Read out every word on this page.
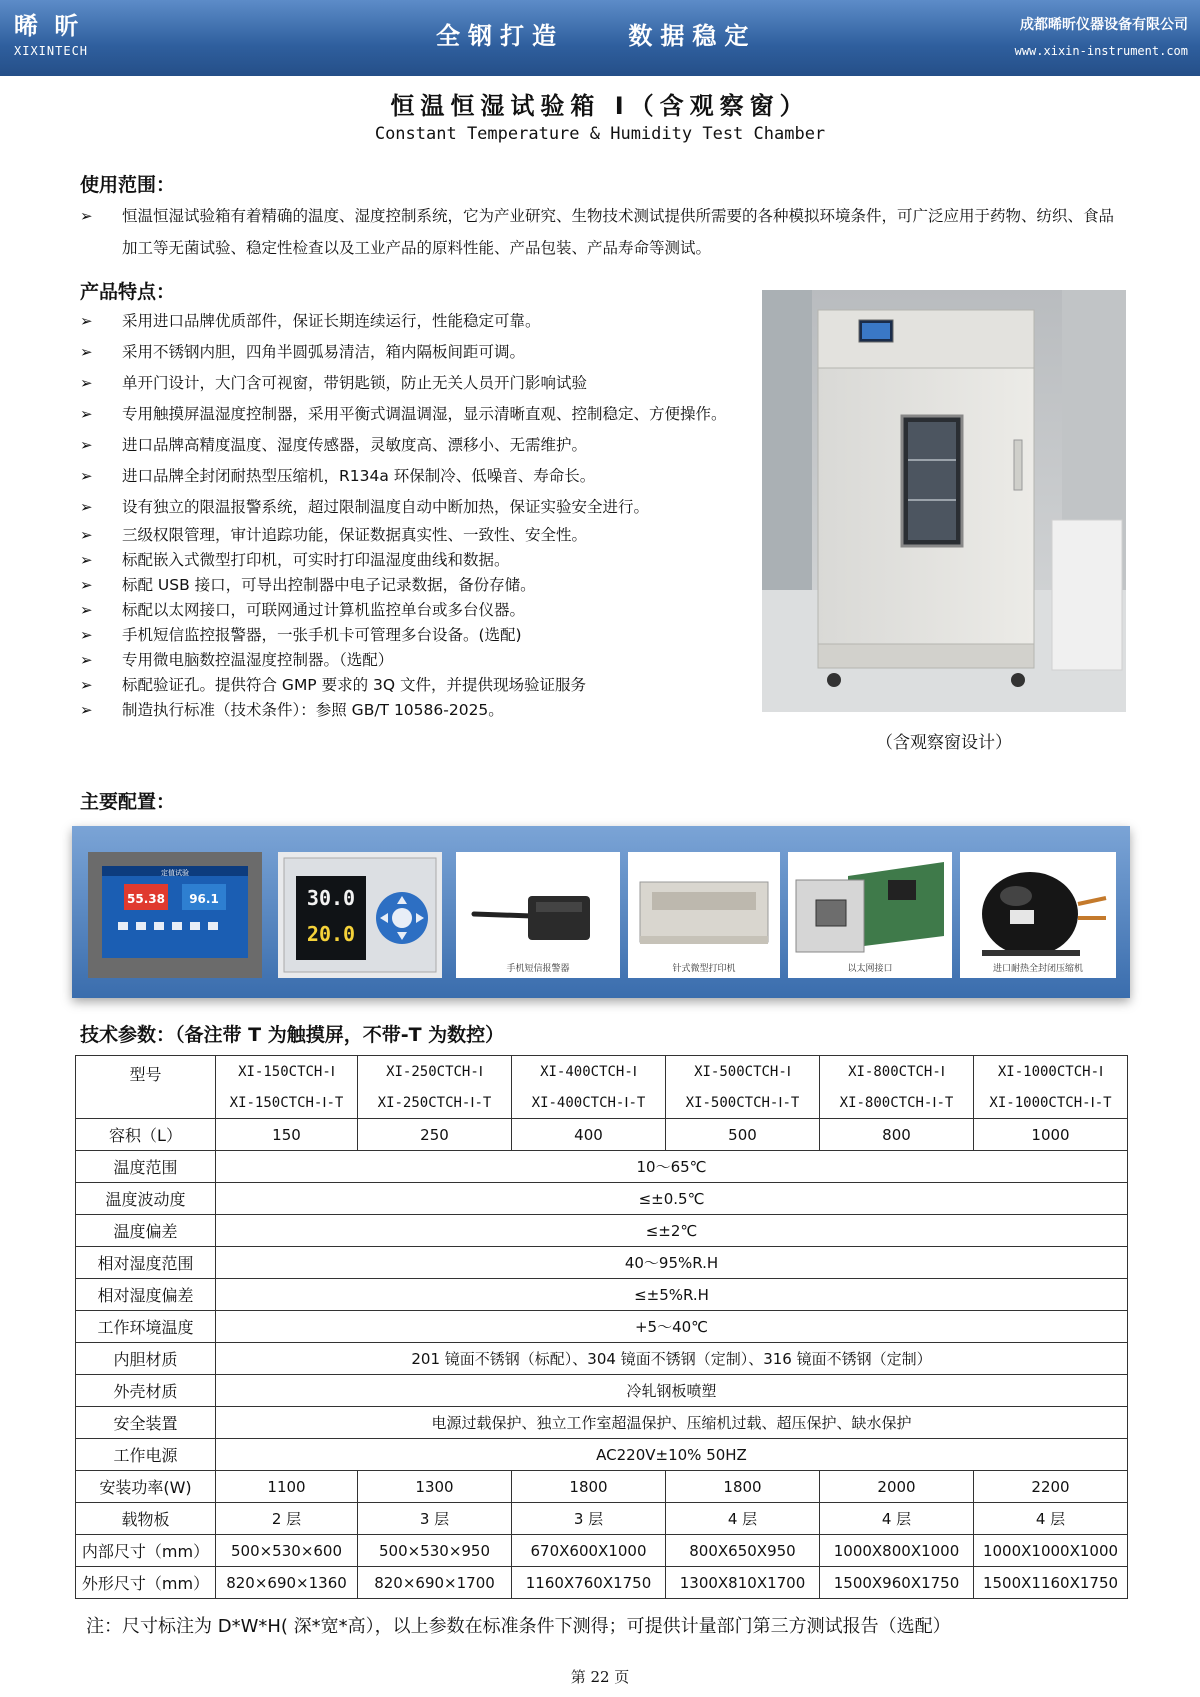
晞 昕
XIXINTECH
全钢打造	数据稳定	成都晞昕仪器设备有限公司
www.xixin-instrument.com
恒温恒湿试验箱 Ⅰ（含观察窗）
Constant Temperature & Humidity Test Chamber
使用范围：
➢ 恒温恒湿试验箱有着精确的温度、湿度控制系统，它为产业研究、生物技术测试提供所需要的各种模拟环境条件，可广泛应用于药物、纺织、食品加工等无菌试验、稳定性检查以及工业产品的原料性能、产品包装、产品寿命等测试。
产品特点：
➢ 采用进口品牌优质部件，保证长期连续运行，性能稳定可靠。
➢ 采用不锈钢内胆，四角半圆弧易清洁，箱内隔板间距可调。
➢ 单开门设计，大门含可视窗，带钥匙锁，防止无关人员开门影响试验
➢ 专用触摸屏温湿度控制器，采用平衡式调温调湿，显示清晰直观、控制稳定、方便操作。
➢ 进口品牌高精度温度、湿度传感器，灵敏度高、漂移小、无需维护。
➢ 进口品牌全封闭耐热型压缩机，R134a 环保制冷、低噪音、寿命长。
➢ 设有独立的限温报警系统，超过限制温度自动中断加热，保证实验安全进行。
➢ 三级权限管理，审计追踪功能，保证数据真实性、一致性、安全性。
➢ 标配嵌入式微型打印机，可实时打印温湿度曲线和数据。
➢ 标配 USB 接口，可导出控制器中电子记录数据，备份存储。
➢ 标配以太网接口，可联网通过计算机监控单台或多台仪器。
➢ 手机短信监控报警器，一张手机卡可管理多台设备。(选配)
➢ 专用微电脑数控温湿度控制器。（选配）
➢ 标配验证孔。提供符合 GMP 要求的 3Q 文件，并提供现场验证服务
➢ 制造执行标准（技术条件）：参照 GB/T 10586-2025。
（含观察窗设计）
主要配置：
定值试验
55.38	96.1	30.0
20.0
手机短信报警器	针式微型打印机	以太网接口	进口耐热全封闭压缩机
技术参数：（备注带 T 为触摸屏，不带-T 为数控）
型号	XI-150CTCH-Ⅰ	XI-250CTCH-Ⅰ	XI-400CTCH-Ⅰ	XI-500CTCH-Ⅰ	XI-800CTCH-Ⅰ	XI-1000CTCH-Ⅰ
	XI-150CTCH-Ⅰ-T	XI-250CTCH-Ⅰ-T	XI-400CTCH-Ⅰ-T	XI-500CTCH-Ⅰ-T	XI-800CTCH-Ⅰ-T	XI-1000CTCH-Ⅰ-T
容积（L）	150	250	400	500	800	1000
温度范围	10～65℃					
温度波动度	≤±0.5℃					
温度偏差	≤±2℃					
相对湿度范围	40～95%R.H					
相对湿度偏差	≤±5%R.H					
工作环境温度	+5～40℃					
内胆材质	201 镜面不锈钢（标配）、304 镜面不锈钢（定制）、316 镜面不锈钢（定制）					
外壳材质	冷轧钢板喷塑					
安全装置	电源过载保护、独立工作室超温保护、压缩机过载、超压保护、缺水保护					
工作电源	AC220V±10% 50HZ					
安装功率(W)	1100	1300	1800	1800	2000	2200
载物板	2 层	3 层	3 层	4 层	4 层	4 层
内部尺寸（mm）	500×530×600	500×530×950	670X600X1000	800X650X950	1000X800X1000	1000X1000X1000
外形尺寸（mm）	820×690×1360	820×690×1700	1160X760X1750	1300X810X1700	1500X960X1750	1500X1160X1750
注：尺寸标注为 D*W*H( 深*宽*高），以上参数在标准条件下测得；可提供计量部门第三方测试报告（选配）
第 22 页
